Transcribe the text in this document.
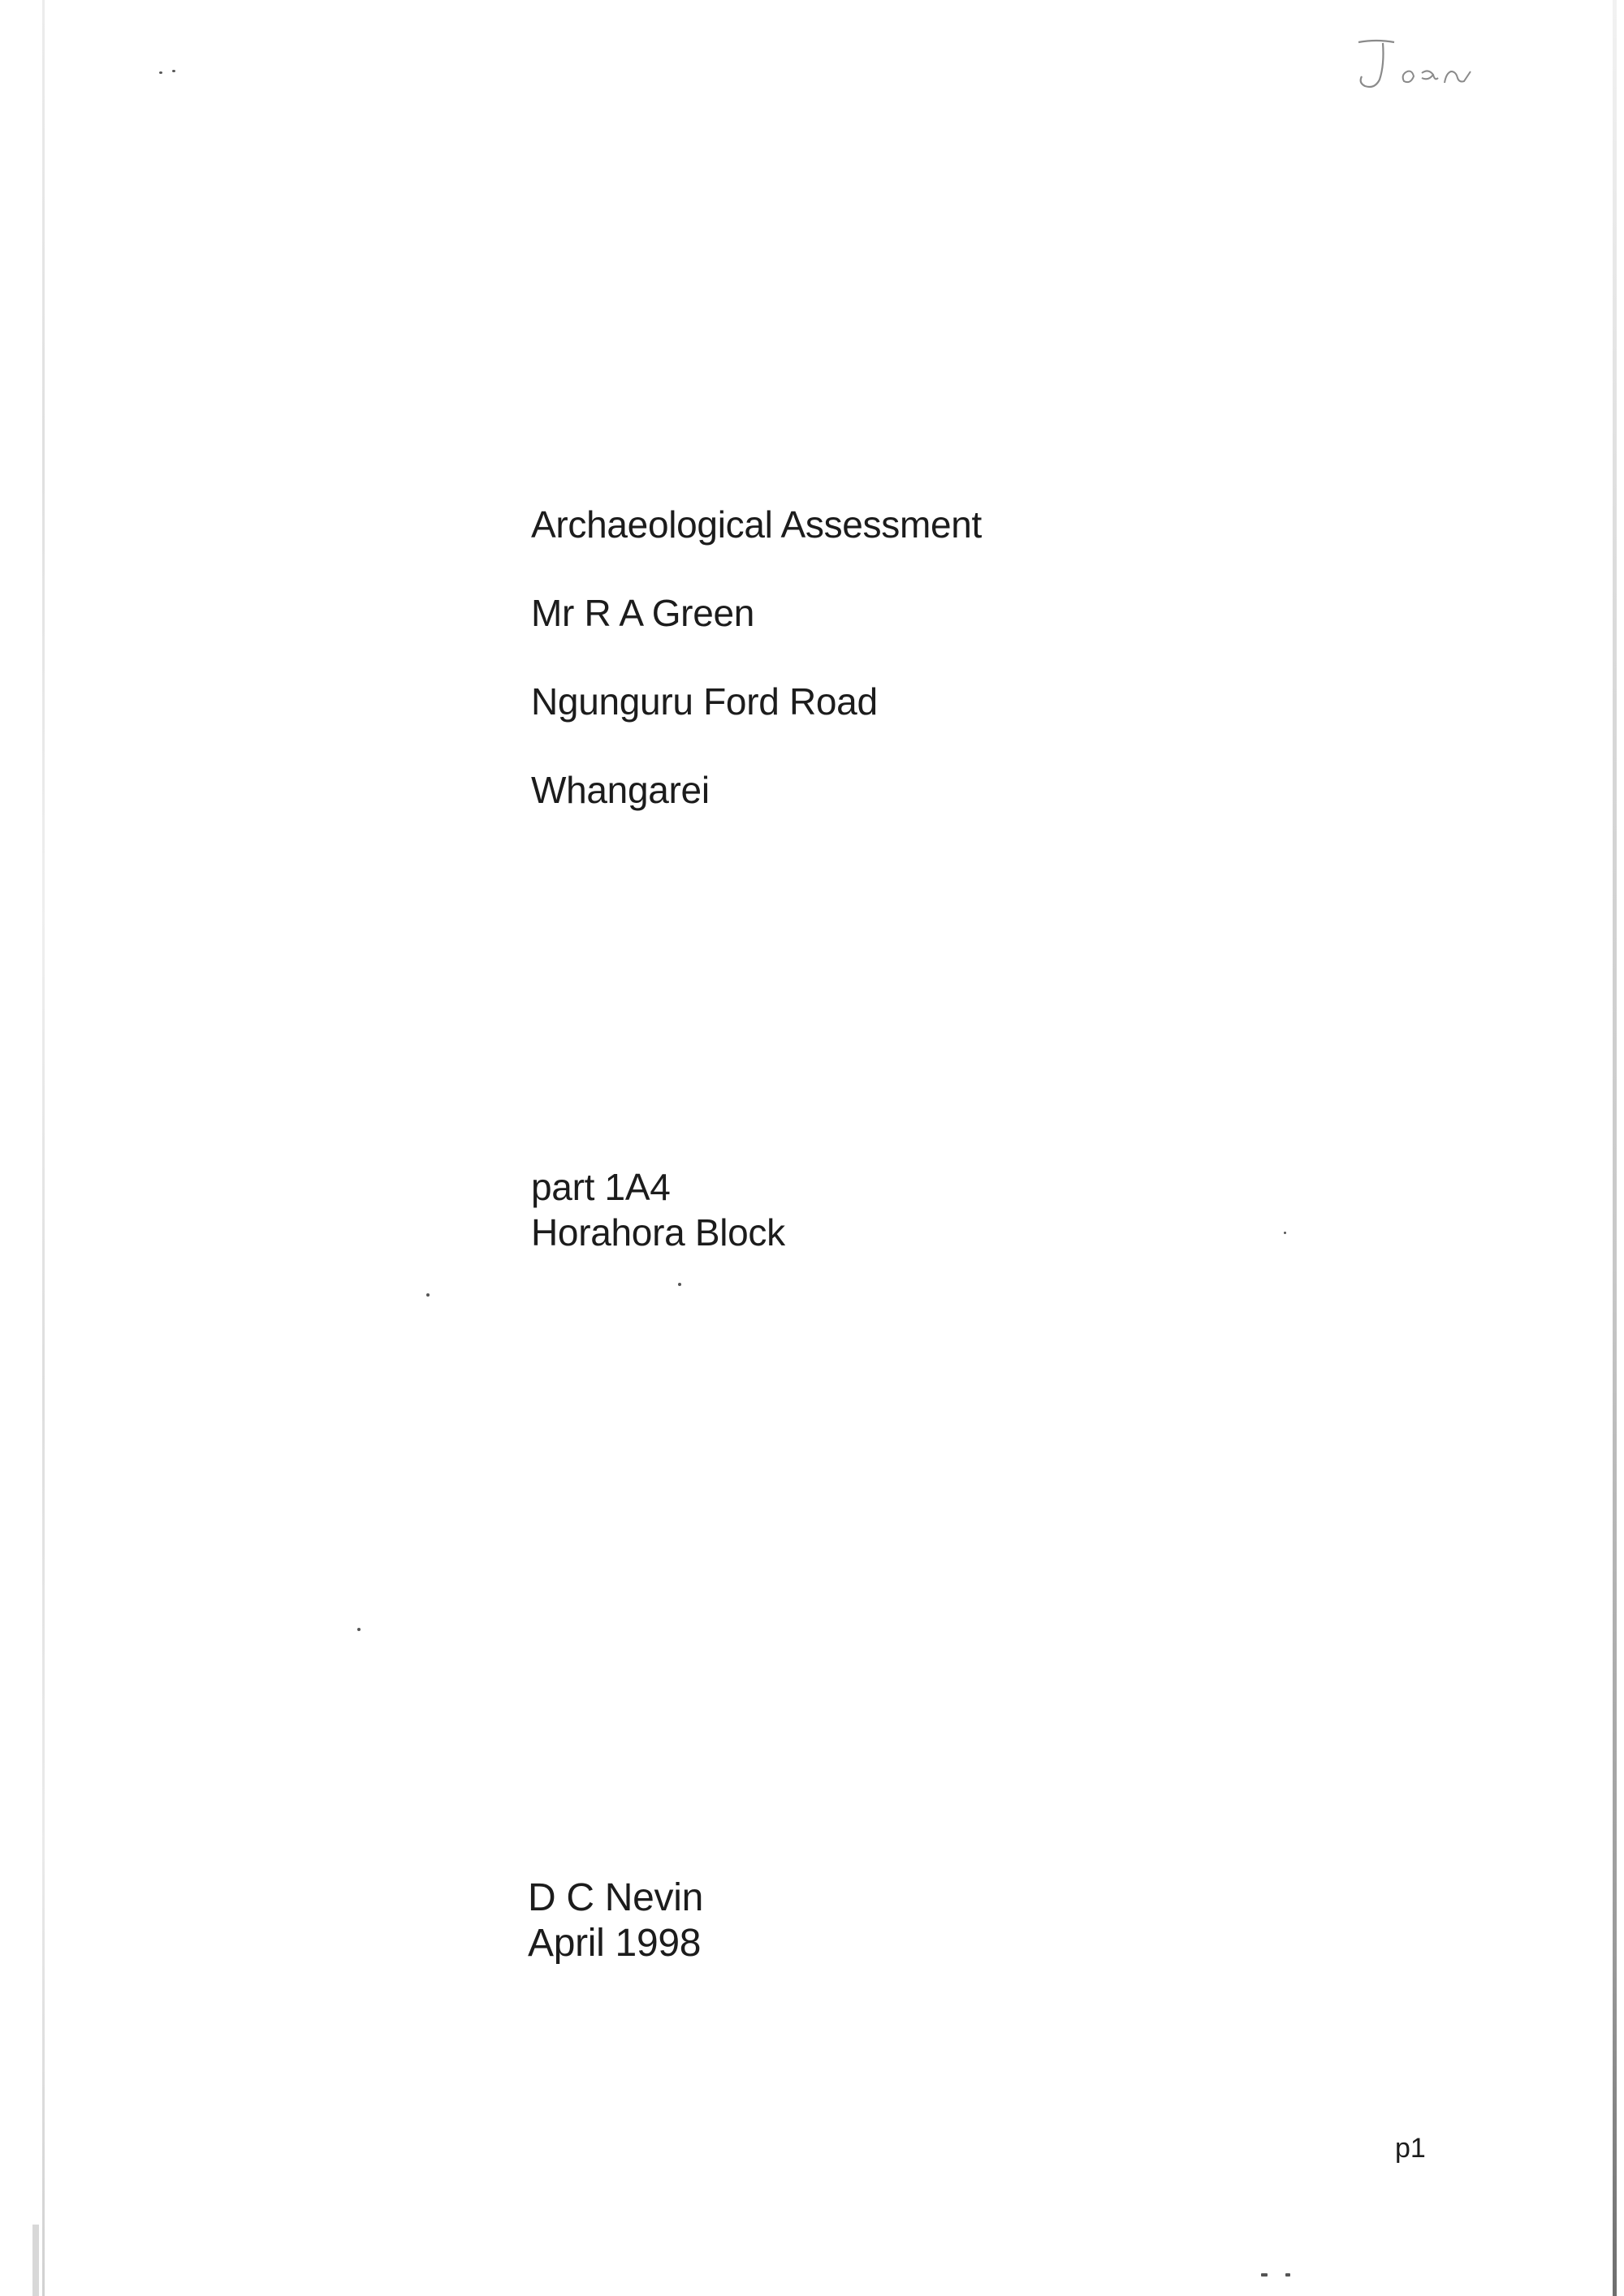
Archaeological Assessment
Mr R A Green
Ngunguru Ford Road
Whangarei
part 1A4
Horahora Block
D C Nevin
April 1998
p1
